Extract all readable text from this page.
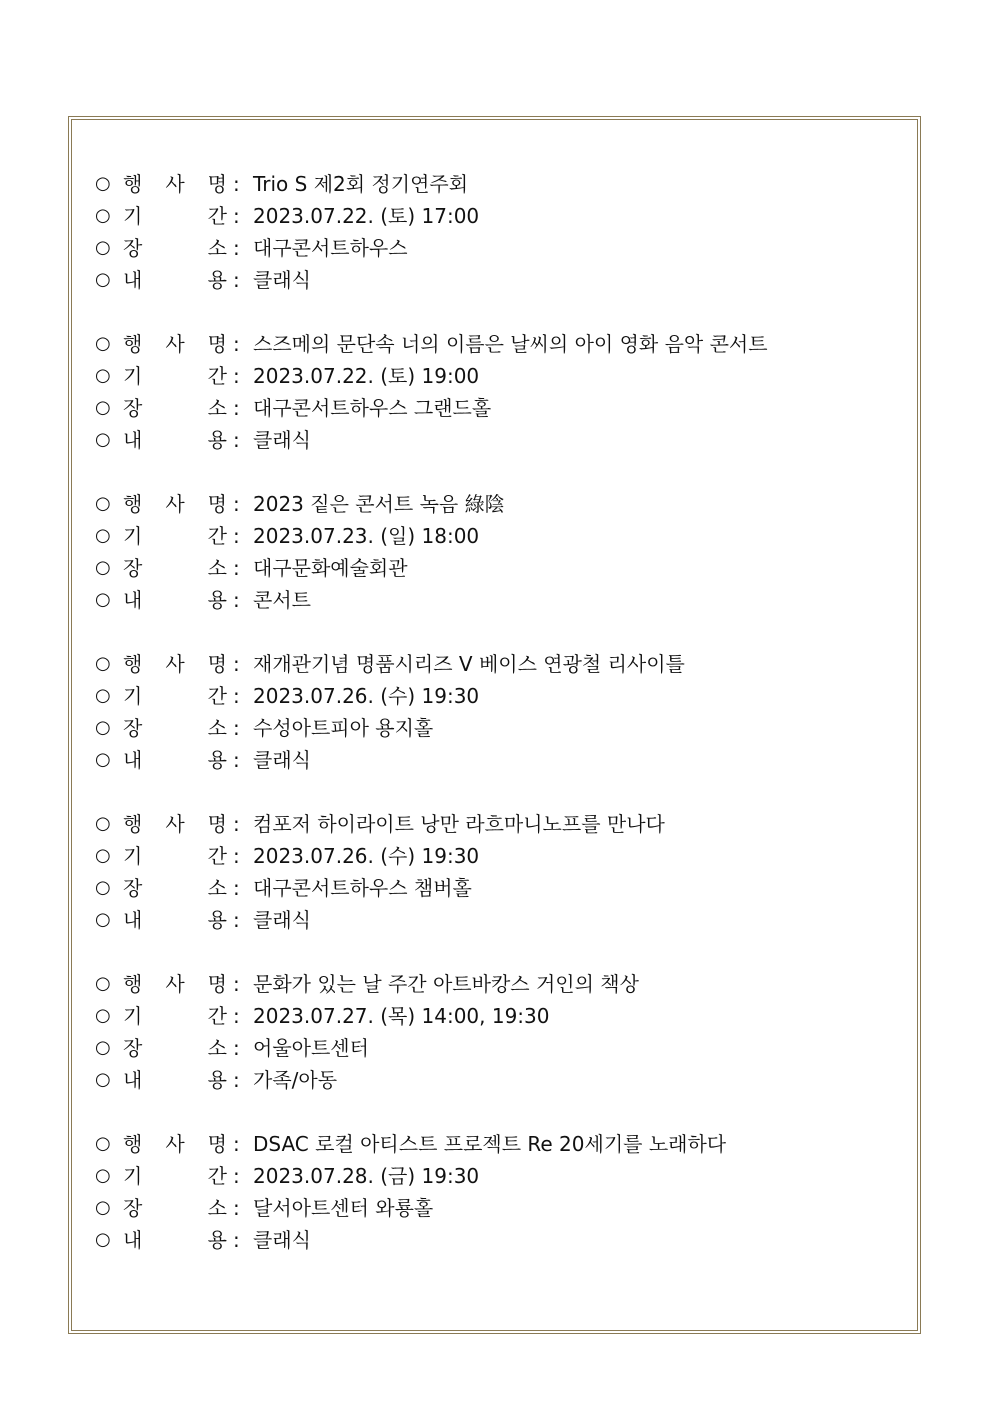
○ 행 사 명 : Trio S 제2회 정기연주회
○ 기	간 : 2023.07.22. (토) 17:00
○ 장	소 : 대구콘서트하우스
○ 내	용 : 클래식
○ 행 사 명 : 스즈메의 문단속 너의 이름은 날씨의 아이 영화 음악 콘서트
○ 기	간 : 2023.07.22. (토) 19:00
○ 장	소 : 대구콘서트하우스 그랜드홀
○ 내	용 : 클래식
○ 행 사 명 : 2023 짙은 콘서트 녹음 綠陰
○ 기	간 : 2023.07.23. (일) 18:00
○ 장	소 : 대구문화예술회관
○ 내	용 : 콘서트
○ 행 사 명 : 재개관기념 명품시리즈 V 베이스 연광철 리사이틀
○ 기	간 : 2023.07.26. (수) 19:30
○ 장	소 : 수성아트피아 용지홀
○ 내	용 : 클래식
○ 행 사 명 : 컴포저 하이라이트 낭만 라흐마니노프를 만나다
○ 기	간 : 2023.07.26. (수) 19:30
○ 장	소 : 대구콘서트하우스 챔버홀
○ 내	용 : 클래식
○ 행 사 명 : 문화가 있는 날 주간 아트바캉스 거인의 책상
○ 기	간 : 2023.07.27. (목) 14:00, 19:30
○ 장	소 : 어울아트센터
○ 내	용 : 가족/아동
○ 행 사 명 : DSAC 로컬 아티스트 프로젝트 Re 20세기를 노래하다
○ 기	간 : 2023.07.28. (금) 19:30
○ 장	소 : 달서아트센터 와룡홀
○ 내	용 : 클래식
